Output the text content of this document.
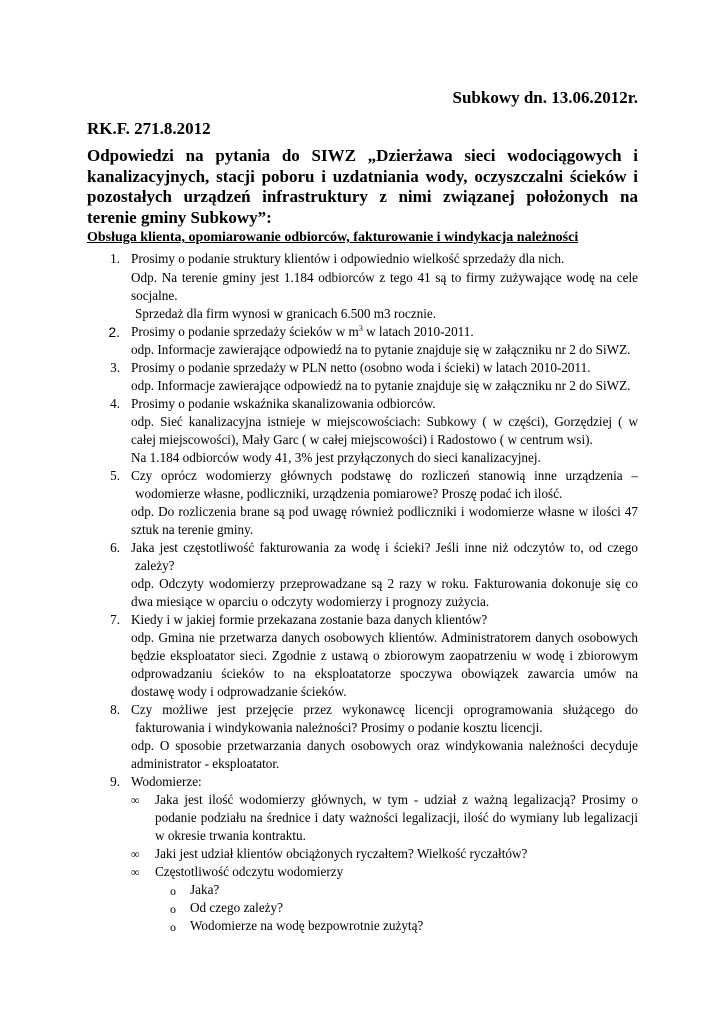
Subkowy dn. 13.06.2012r.
RK.F. 271.8.2012

Odpowiedzi na pytania do SIWZ „Dzierżawa sieci wodociągowych i kanalizacyjnych, stacji poboru i uzdatniania wody, oczyszczalni ścieków i pozostałych urządzeń infrastruktury z nimi związanej położonych na terenie gminy Subkowy”:

Obsługa klienta, opomiarowanie odbiorców, fakturowanie i windykacja należności
1. Prosimy o podanie struktury klientów i odpowiednio wielkość sprzedaży dla nich.
Odp. Na terenie gminy jest 1.184 odbiorców z tego 41 są to firmy zużywające wodę na cele
socjalne.
Sprzedaż dla firm wynosi w granicach 6.500 m3 rocznie.
2. Prosimy o podanie sprzedaży ścieków w $m^3$ w latach 2010-2011.
odp. Informacje zawierające odpowiedź na to pytanie znajduje się w załączniku nr 2 do SiWZ.
3. Prosimy o podanie sprzedaży w PLN netto (osobno woda i ścieki) w latach 2010-2011.
odp. Informacje zawierające odpowiedź na to pytanie znajduje się w załączniku nr 2 do SiWZ.
4. Prosimy o podanie wskaźnika skanalizowania odbiorców.
odp. Sieć kanalizacyjna istnieje w miejscowościach: Subkowy ( w części), Gorzędziej ( w
całej miejscowości), Mały Garc ( w całej miejscowości) i Radostowo ( w centrum wsi).
Na 1.184 odbiorców wody 41, 3% jest przyłączonych do sieci kanalizacyjnej.
5. Czy oprócz wodomierzy głównych podstawę do rozliczeń stanowią inne urządzenia –
wodomierze własne, podliczniki, urządzenia pomiarowe? Proszę podać ich ilość.
odp. Do rozliczenia brane są pod uwagę również podliczniki i wodomierze własne w ilości 47
sztuk na terenie gminy.
6. Jaka jest częstotliwość fakturowania za wodę i ścieki? Jeśli inne niż odczytów to, od czego
zależy?
odp. Odczyty wodomierzy przeprowadzane są 2 razy w roku. Fakturowania dokonuje się co
dwa miesiące w oparciu o odczyty wodomierzy i prognozy zużycia.
7. Kiedy i w jakiej formie przekazana zostanie baza danych klientów?
odp. Gmina nie przetwarza danych osobowych klientów. Administratorem danych osobowych
będzie eksploatator sieci. Zgodnie z ustawą o zbiorowym zaopatrzeniu w wodę i zbiorowym
odprowadzaniu ścieków to na eksploatatorze spoczywa obowiązek zawarcia umów na
dostawę wody i odprowadzanie ścieków.
8. Czy możliwe jest przejęcie przez wykonawcę licencji oprogramowania służącego do
fakturowania i windykowania należności? Prosimy o podanie kosztu licencji.
odp. O sposobie przetwarzania danych osobowych oraz windykowania należności decyduje
administrator - eksploatator.
9. Wodomierze:
∞ Jaka jest ilość wodomierzy głównych, w tym - udział z ważną legalizacją? Prosimy o
podanie podziału na średnice i daty ważności legalizacji, ilość do wymiany lub legalizacji
w okresie trwania kontraktu.
∞ Jaki jest udział klientów obciążonych ryczałtem? Wielkość ryczałtów?
∞ Częstotliwość odczytu wodomierzy
o Jaka?
o Od czego zależy?
o Wodomierze na wodę bezpowrotnie zużytą?
